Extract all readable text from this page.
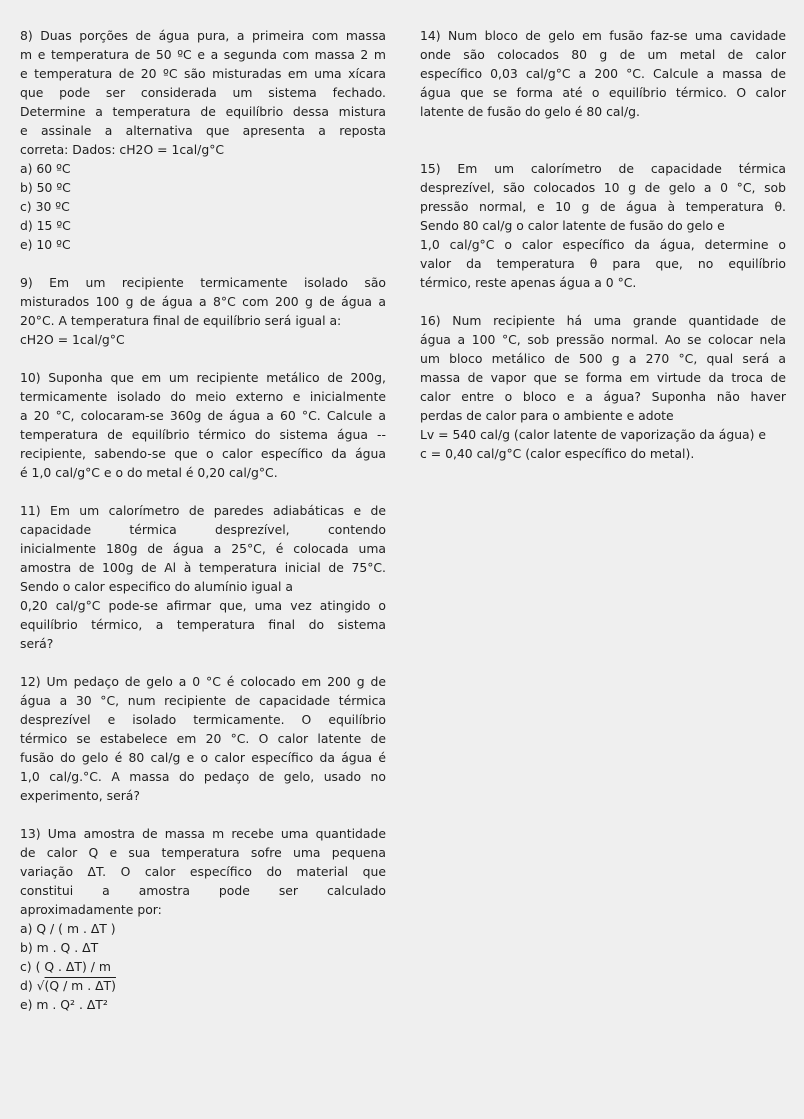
8) Duas porções de água pura, a primeira com massa
m e temperatura de 50 ºC e a segunda com massa 2 m
e temperatura de 20 ºC são misturadas em uma xícara
que pode ser considerada um sistema fechado.
Determine a temperatura de equilíbrio dessa mistura
e assinale a alternativa que apresenta a reposta
correta: Dados: cH2O = 1cal/g°C
a) 60 ºC
b) 50 ºC
c) 30 ºC
d) 15 ºC
e) 10 ºC
9) Em um recipiente termicamente isolado são
misturados 100 g de água a 8°C com 200 g de água a
20°C. A temperatura final de equilíbrio será igual a:
cH2O = 1cal/g°C
10) Suponha que em um recipiente metálico de 200g,
termicamente isolado do meio externo e inicialmente
a 20 °C, colocaram-se 360g de água a 60 °C. Calcule a
temperatura de equilíbrio térmico do sistema água --
recipiente, sabendo-se que o calor específico da água
é 1,0 cal/g°C e o do metal é 0,20 cal/g°C.
11) Em um calorímetro de paredes adiabáticas e de
capacidade térmica desprezível, contendo
inicialmente 180g de água a 25°C, é colocada uma
amostra de 100g de Al à temperatura inicial de 75°C.
Sendo o calor especifico do alumínio igual a
0,20 cal/g°C pode-se afirmar que, uma vez atingido o
equilíbrio térmico, a temperatura final do sistema
será?
12) Um pedaço de gelo a 0 °C é colocado em 200 g de
água a 30 °C, num recipiente de capacidade térmica
desprezível e isolado termicamente. O equilíbrio
térmico se estabelece em 20 °C. O calor latente de
fusão do gelo é 80 cal/g e o calor específico da água é
1,0 cal/g.°C. A massa do pedaço de gelo, usado no
experimento, será?
13) Uma amostra de massa m recebe uma quantidade
de calor Q e sua temperatura sofre uma pequena
variação ΔT. O calor específico do material que
constitui a amostra pode ser calculado
aproximadamente por:
a) Q / ( m . ΔT )
b) m . Q . ΔT
c) ( Q . ΔT) / m
d) √(Q / m . ΔT)
e) m . Q² . ΔT²
14) Num bloco de gelo em fusão faz-se uma cavidade
onde são colocados 80 g de um metal de calor
específico 0,03 cal/g°C a 200 °C. Calcule a massa de
água que se forma até o equilíbrio térmico. O calor
latente de fusão do gelo é 80 cal/g.
15) Em um calorímetro de capacidade térmica
desprezível, são colocados 10 g de gelo a 0 °C, sob
pressão normal, e 10 g de água à temperatura θ.
Sendo 80 cal/g o calor latente de fusão do gelo e
1,0 cal/g°C o calor específico da água, determine o
valor da temperatura θ para que, no equilíbrio
térmico, reste apenas água a 0 °C.
16) Num recipiente há uma grande quantidade de
água a 100 °C, sob pressão normal. Ao se colocar nela
um bloco metálico de 500 g a 270 °C, qual será a
massa de vapor que se forma em virtude da troca de
calor entre o bloco e a água? Suponha não haver
perdas de calor para o ambiente e adote
Lv = 540 cal/g (calor latente de vaporização da água) e
c = 0,40 cal/g°C (calor específico do metal).
